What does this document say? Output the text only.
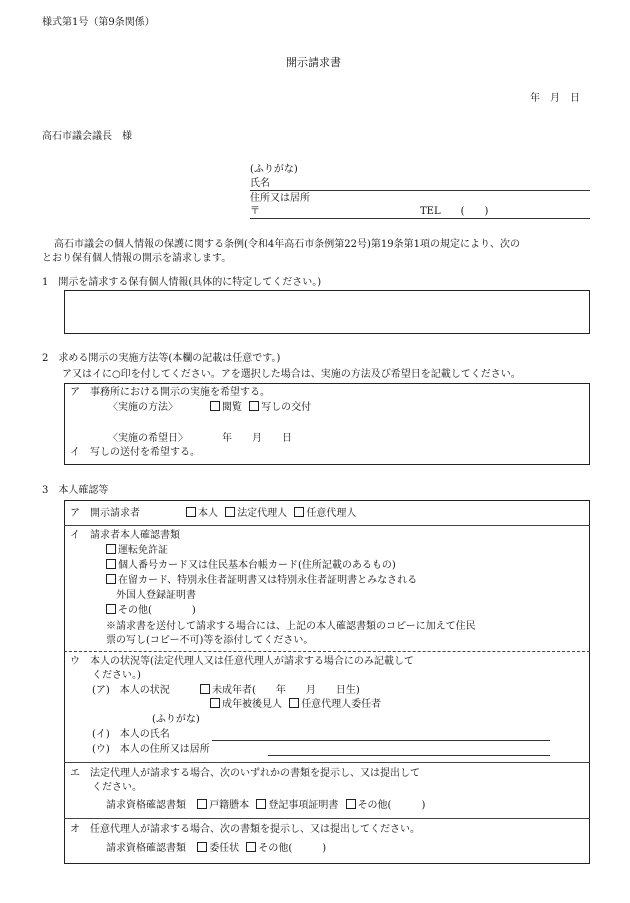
様式第1号（第9条関係）
開示請求書
年　月　日
高石市議会議長　様
(ふりがな)
氏名
住所又は居所
〒	TEL　　(　　)
高石市議会の個人情報の保護に関する条例(令和4年高石市条例第22号)第19条第1項の規定により、次の
とおり保有個人情報の開示を請求します。
1　開示を請求する保有個人情報(具体的に特定してください。)
2　求める開示の実施方法等(本欄の記載は任意です。)
ア又はイに○印を付してください。アを選択した場合は、実施の方法及び希望日を記載してください。
ア　事務所における開示の実施を希望する。
〈実施の方法〉	閲覧 写しの交付
〈実施の希望日〉	年　　月　　日
イ　写しの送付を希望する。
3　本人確認等
ア　開示請求者	本人 法定代理人 任意代理人
イ　請求者本人確認書類
運転免許証
個人番号カード又は住民基本台帳カード(住所記載のあるもの)
在留カード、特別永住者証明書又は特別永住者証明書とみなされる
外国人登録証明書
その他(　　　　)
※請求書を送付して請求する場合には、上記の本人確認書類のコピーに加えて住民
票の写し(コピー不可)等を添付してください。
ウ　本人の状況等(法定代理人又は任意代理人が請求する場合にのみ記載して
ください。)
(ア)　本人の状況	未成年者(　　年　　月　　日生)
成年被後見人 任意代理人委任者
(ふりがな)
(イ)　本人の氏名
(ウ)　本人の住所又は居所
エ　法定代理人が請求する場合、次のいずれかの書類を提示し、又は提出して
ください。
請求資格確認書類 戸籍謄本 登記事項証明書 その他(　　　)
オ　任意代理人が請求する場合、次の書類を提示し、又は提出してください。
請求資格確認書類 委任状 その他(　　　)
